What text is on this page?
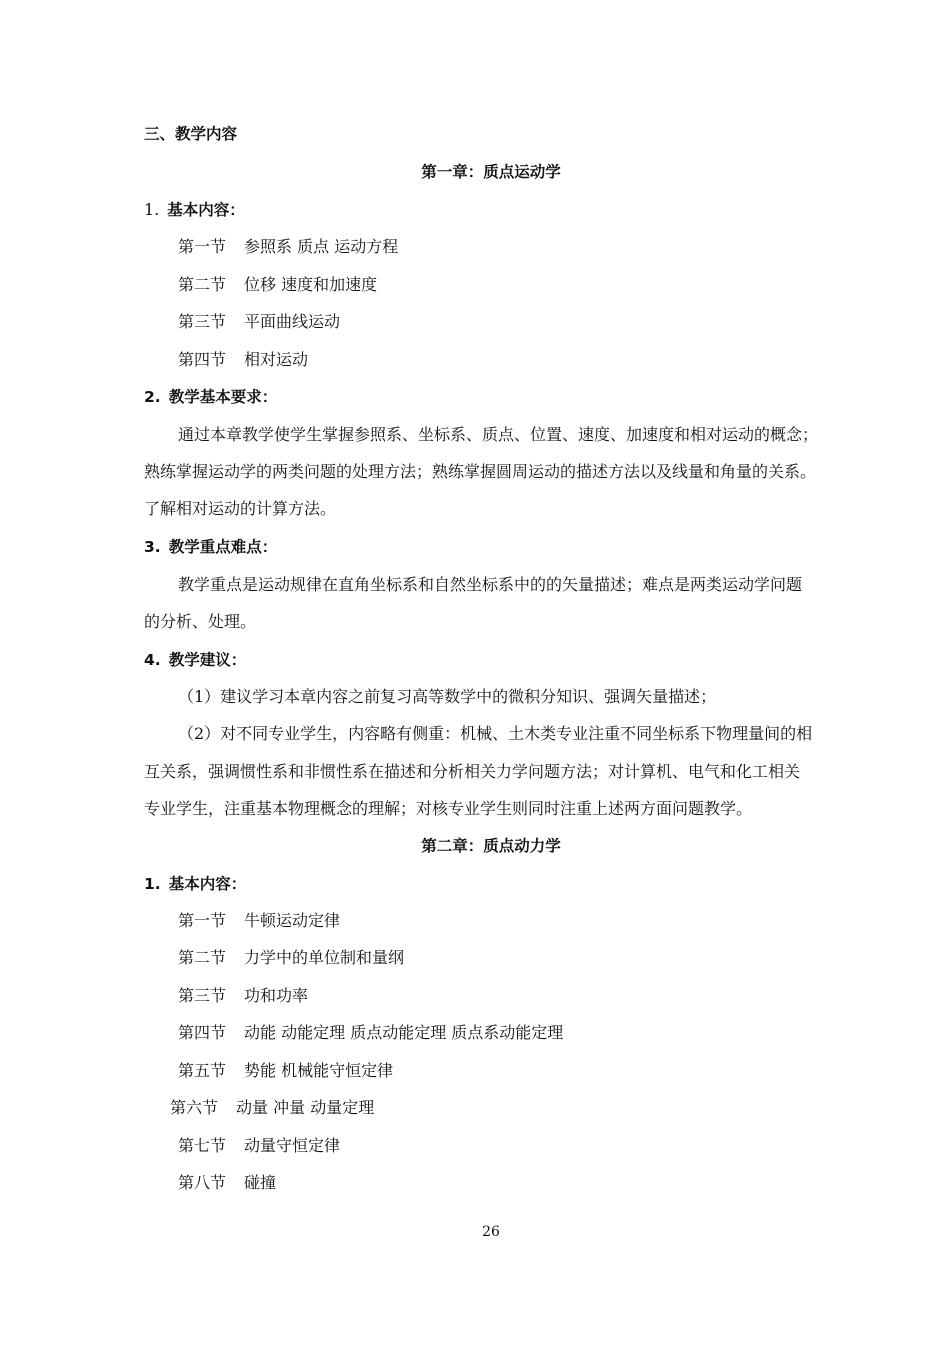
三、教学内容
第一章：质点运动学
1. 基本内容：
第一节 参照系 质点 运动方程
第二节 位移 速度和加速度
第三节 平面曲线运动
第四节 相对运动
2. 教学基本要求：
通过本章教学使学生掌握参照系、坐标系、质点、位置、速度、加速度和相对运动的概念；
熟练掌握运动学的两类问题的处理方法；熟练掌握圆周运动的描述方法以及线量和角量的关系。
了解相对运动的计算方法。
3. 教学重点难点：
教学重点是运动规律在直角坐标系和自然坐标系中的的矢量描述；难点是两类运动学问题
的分析、处理。
4. 教学建议：
（1）建议学习本章内容之前复习高等数学中的微积分知识、强调矢量描述；
（2）对不同专业学生，内容略有侧重：机械、土木类专业注重不同坐标系下物理量间的相
互关系，强调惯性系和非惯性系在描述和分析相关力学问题方法；对计算机、电气和化工相关
专业学生，注重基本物理概念的理解；对核专业学生则同时注重上述两方面问题教学。
第二章：质点动力学
1. 基本内容：
第一节 牛顿运动定律
第二节 力学中的单位制和量纲
第三节 功和功率
第四节 动能 动能定理 质点动能定理 质点系动能定理
第五节 势能 机械能守恒定律
第六节 动量 冲量 动量定理
第七节 动量守恒定律
第八节 碰撞
26
